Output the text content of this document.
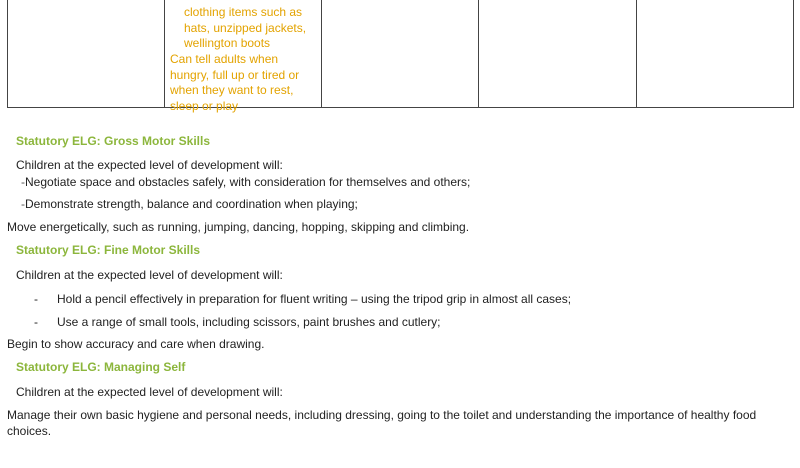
clothing items such as
hats, unzipped jackets,
wellington boots
Can tell adults when
hungry, full up or tired or
when they want to rest,
sleep or play
Statutory ELG: Gross Motor Skills
Children at the expected level of development will:
-Negotiate space and obstacles safely, with consideration for themselves and others;
-Demonstrate strength, balance and coordination when playing;
Move energetically, such as running, jumping, dancing, hopping, skipping and climbing.
Statutory ELG: Fine Motor Skills
Children at the expected level of development will:
- Hold a pencil effectively in preparation for fluent writing – using the tripod grip in almost all cases;
- Use a range of small tools, including scissors, paint brushes and cutlery;
Begin to show accuracy and care when drawing.
Statutory ELG: Managing Self
Children at the expected level of development will:
Manage their own basic hygiene and personal needs, including dressing, going to the toilet and understanding the importance of healthy food choices.
